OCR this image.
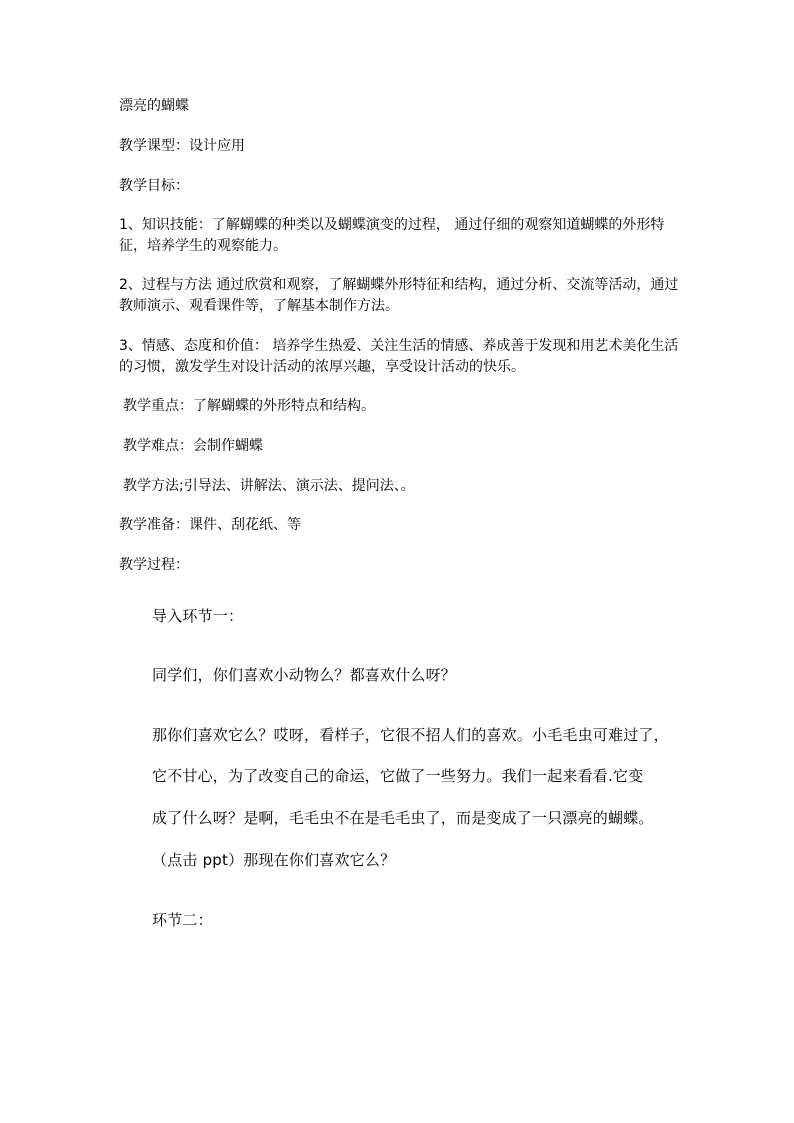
漂亮的蝴蝶

教学课型：设计应用

教学目标：

1、知识技能：了解蝴蝶的种类以及蝴蝶演变的过程， 通过仔细的观察知道蝴蝶的外形特征，培养学生的观察能力。

2、过程与方法 通过欣赏和观察，了解蝴蝶外形特征和结构，通过分析、交流等活动，通过教师演示、观看课件等，了解基本制作方法。

3、情感、态度和价值： 培养学生热爱、关注生活的情感、养成善于发现和用艺术美化生活的习惯，激发学生对设计活动的浓厚兴趣，享受设计活动的快乐。

教学重点：了解蝴蝶的外形特点和结构。

教学难点：会制作蝴蝶

教学方法;引导法、讲解法、演示法、提问法、。

教学准备：课件、刮花纸、等

教学过程：

导入环节一：

同学们，你们喜欢小动物么？都喜欢什么呀？

那你们喜欢它么？哎呀，看样子，它很不招人们的喜欢。小毛毛虫可难过了，

它不甘心，为了改变自己的命运，它做了一些努力。我们一起来看看.它变

成了什么呀？是啊，毛毛虫不在是毛毛虫了，而是变成了一只漂亮的蝴蝶。

（点击 ppt）那现在你们喜欢它么？

环节二：
